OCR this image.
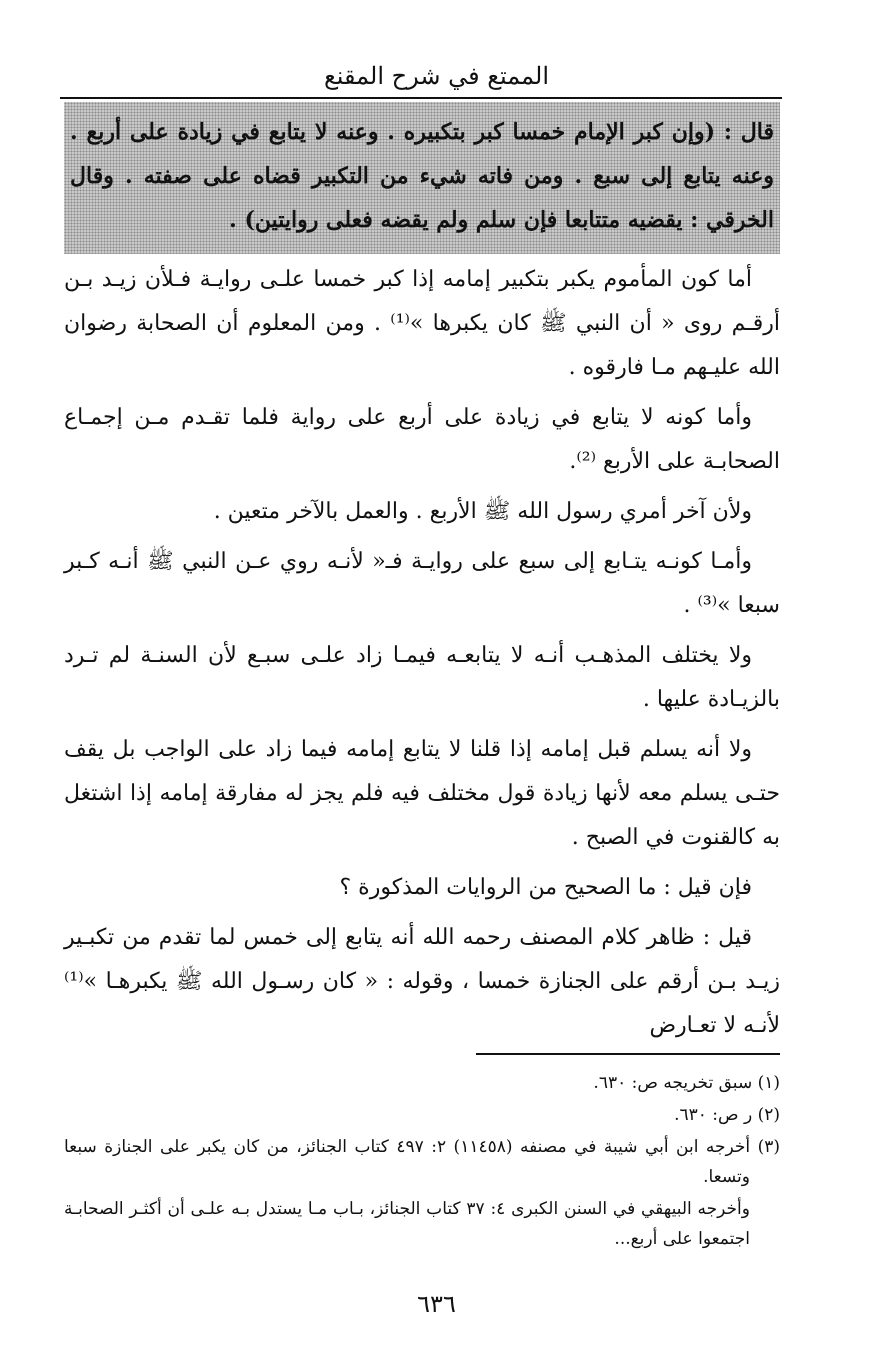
الممتع في شرح المقنع
قال : (وإن كبر الإمام خمسا كبر بتكبيره . وعنه لا يتابع في زيادة على أربع . وعنه يتابع إلى سبع . ومن فاته شيء من التكبير قضاه على صفته . وقال الخرقي : يقضيه متتابعا فإن سلم ولم يقضه فعلى روايتين) .

أما كون المأموم يكبر بتكبير إمامه إذا كبر خمسا علـى روايـة فـلأن زيـد بـن أرقـم روى « أن النبي ﷺ كان يكبرها »⁽¹⁾ . ومن المعلوم أن الصحابة رضوان الله عليـهم مـا فارقوه .

وأما كونه لا يتابع في زيادة على أربع على رواية فلما تقـدم مـن إجمـاع الصحابـة على الأربع ⁽²⁾.

ولأن آخر أمري رسول الله ﷺ الأربع . والعمل بالآخر متعين .

وأمـا كونـه يتـابع إلى سبع على روايـة فـ« لأنـه روي عـن النبي ﷺ أنـه كـبر سبعا »⁽³⁾ .

ولا يختلف المذهـب أنـه لا يتابعـه فيمـا زاد علـى سبـع لأن السنـة لم تـرد بالزيـادة عليها .

ولا أنه يسلم قبل إمامه إذا قلنا لا يتابع إمامه فيما زاد على الواجب بل يقف حتـى يسلم معه لأنها زيادة قول مختلف فيه فلم يجز له مفارقة إمامه إذا اشتغل به كالقنوت في الصبح .

فإن قيل : ما الصحيح من الروايات المذكورة ؟

قيل : ظاهر كلام المصنف رحمه الله أنه يتابع إلى خمس لما تقدم من تكبـير زيـد بـن أرقم على الجنازة خمسا ، وقوله : « كان رسـول الله ﷺ يكبرهـا »⁽¹⁾ لأنـه لا تعـارض

(١) سبق تخريجه ص: ٦٣٠.

(٢) ر ص: ٦٣٠.

(٣) أخرجه ابن أبي شيبة في مصنفه (١١٤٥٨) ٢: ٤٩٧ كتاب الجنائز، من كان يكبر على الجنازة سبعا وتسعا.

وأخرجه البيهقي في السنن الكبرى ٤: ٣٧ كتاب الجنائز، بـاب مـا يستدل بـه علـى أن أكثـر الصحابـة اجتمعوا على أربع...

٦٣٦
